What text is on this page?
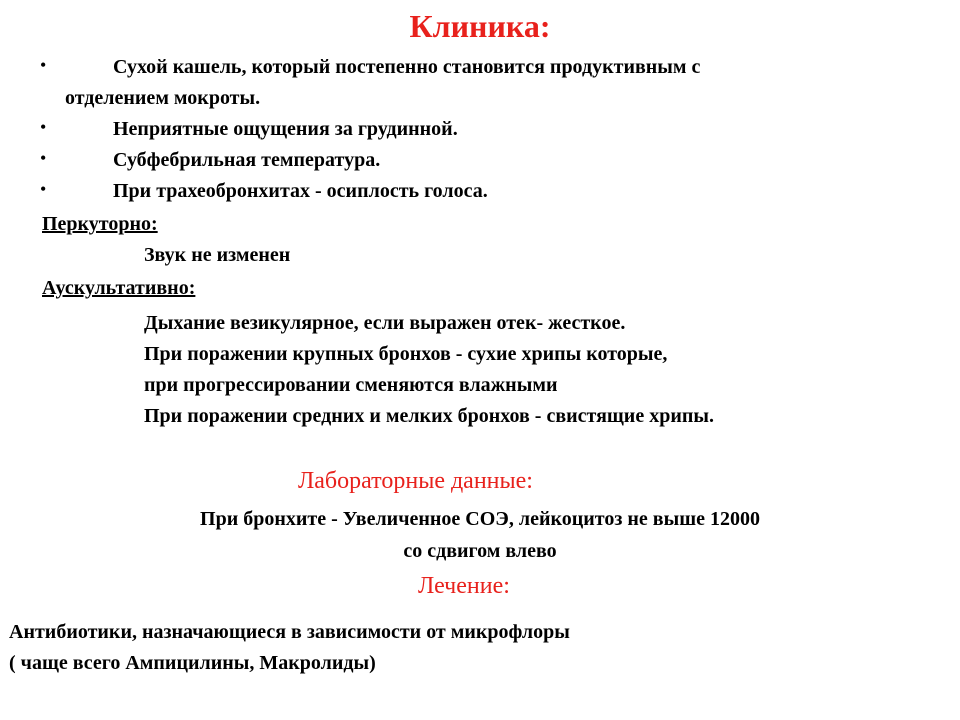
Клиника:
•	Сухой кашель, который постепенно становится продуктивным с
отделением мокроты.
•	Неприятные ощущения за грудинной.
•	Субфебрильная температура.
•	При трахеобронхитах - осиплость голоса.
Перкуторно:
Звук не изменен
Аускультативно:
Дыхание везикулярное, если выражен отек- жесткое.
При поражении крупных бронхов - сухие хрипы которые,
при прогрессировании сменяются влажными
При поражении средних и мелких бронхов - свистящие хрипы.
Лабораторные данные:
При бронхите - Увеличенное СОЭ, лейкоцитоз не выше 12000
со сдвигом влево
Лечение:
Антибиотики, назначающиеся в зависимости от микрофлоры
( чаще всего Ампицилины, Макролиды)
